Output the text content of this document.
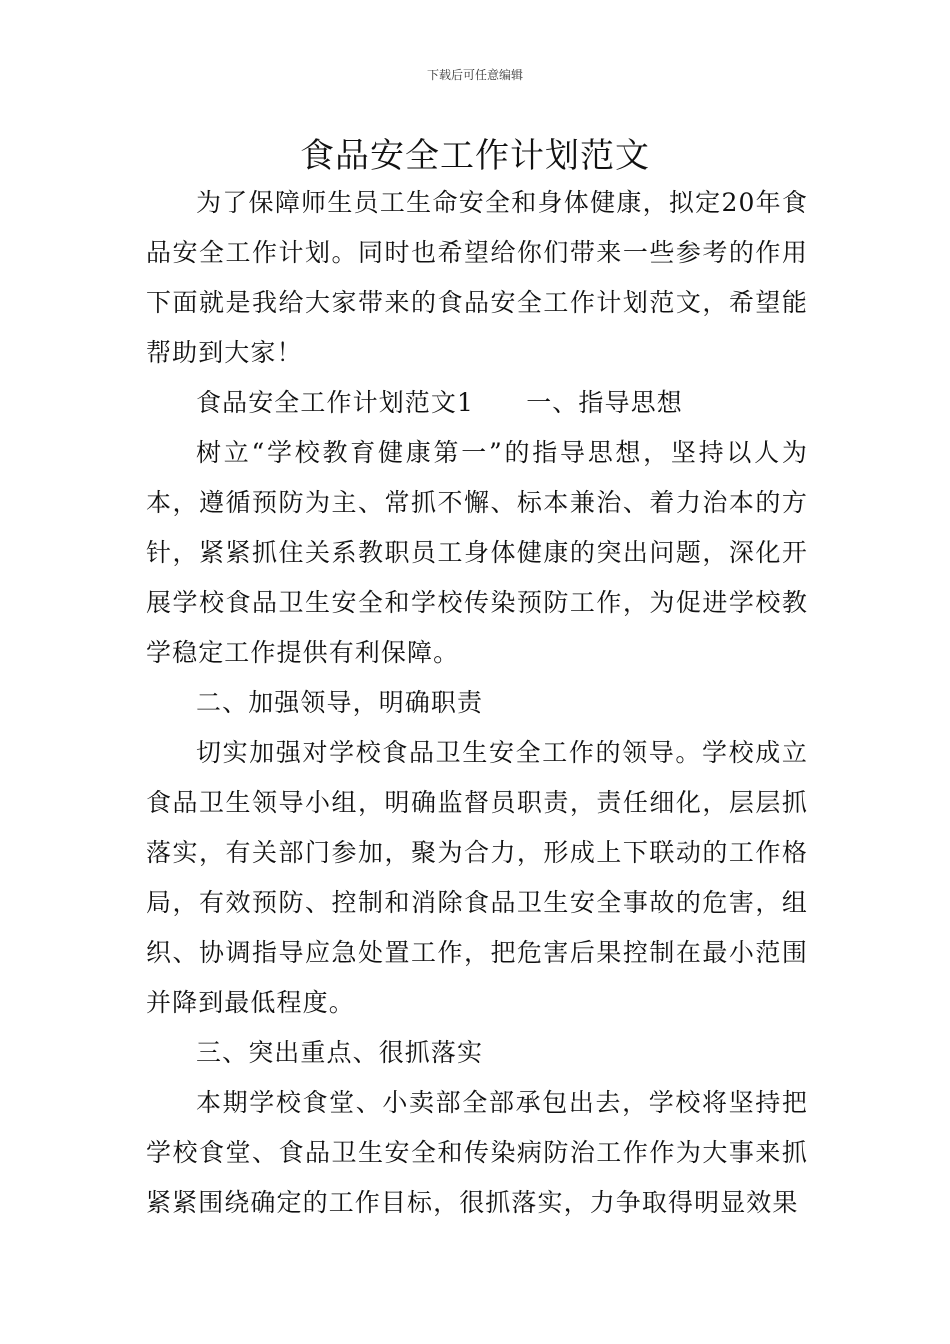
下载后可任意编辑
食品安全工作计划范文

为了保障师生员工生命安全和身体健康，拟定20年食品安全工作计划。同时也希望给你们带来一些参考的作用下面就是我给大家带来的食品安全工作计划范文，希望能帮助到大家！

食品安全工作计划范文1　　一、指导思想

树立“学校教育健康第一”的指导思想，坚持以人为本，遵循预防为主、常抓不懈、标本兼治、着力治本的方针，紧紧抓住关系教职员工身体健康的突出问题，深化开展学校食品卫生安全和学校传染预防工作，为促进学校教学稳定工作提供有利保障。

二、加强领导，明确职责

切实加强对学校食品卫生安全工作的领导。学校成立食品卫生领导小组，明确监督员职责，责任细化，层层抓落实，有关部门参加，聚为合力，形成上下联动的工作格局，有效预防、控制和消除食品卫生安全事故的危害，组织、协调指导应急处置工作，把危害后果控制在最小范围并降到最低程度。

三、突出重点、很抓落实

本期学校食堂、小卖部全部承包出去，学校将坚持把学校食堂、食品卫生安全和传染病防治工作作为大事来抓紧紧围绕确定的工作目标，很抓落实，力争取得明显效果
